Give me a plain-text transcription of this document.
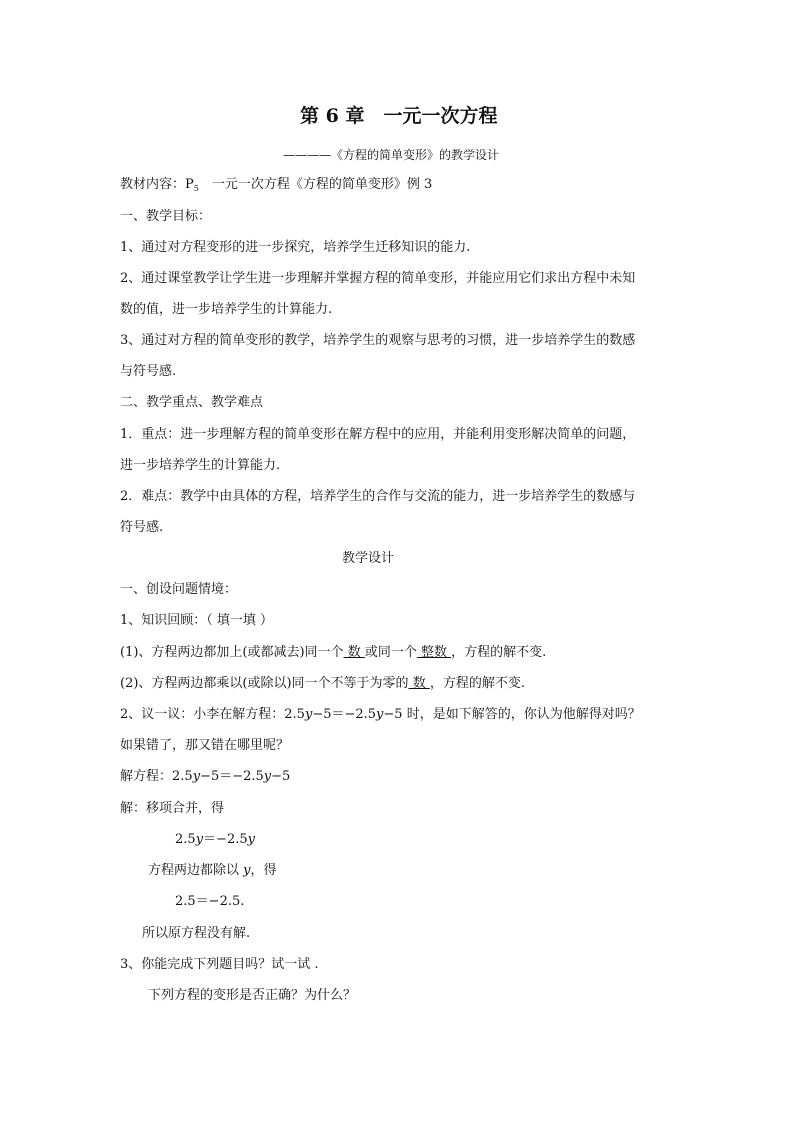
第 6 章　一元一次方程
————《方程的简单变形》的教学设计
教材内容：$P_5$　一元一次方程《方程的简单变形》例 3
一、教学目标：
1、通过对方程变形的进一步探究，培养学生迁移知识的能力.
2、通过课堂教学让学生进一步理解并掌握方程的简单变形，并能应用它们求出方程中未知
数的值，进一步培养学生的计算能力.
3、通过对方程的简单变形的教学，培养学生的观察与思考的习惯，进一步培养学生的数感
与符号感.
二、教学重点、教学难点
1．重点：进一步理解方程的简单变形在解方程中的应用，并能利用变形解决简单的问题，
进一步培养学生的计算能力.
2．难点：教学中由具体的方程，培养学生的合作与交流的能力，进一步培养学生的数感与
符号感.
教学设计
一、创设问题情境：
1、知识回顾：（ 填一填 ）
(1)、方程两边都加上(或都减去)同一个 数 或同一个 整数 ，方程的解不变.
(2)、方程两边都乘以(或除以)同一个不等于为零的 数 ，方程的解不变.
2、议一议：小李在解方程：2.5y−5＝−2.5y−5 时，是如下解答的，你认为他解得对吗？
如果错了，那又错在哪里呢？
解方程：2.5y−5＝−2.5y−5
解：移项合并，得
2.5y＝−2.5y
方程两边都除以 y，得
2.5＝−2.5.
所以原方程没有解.
3、你能完成下列题目吗？试一试 .
下列方程的变形是否正确？为什么？
